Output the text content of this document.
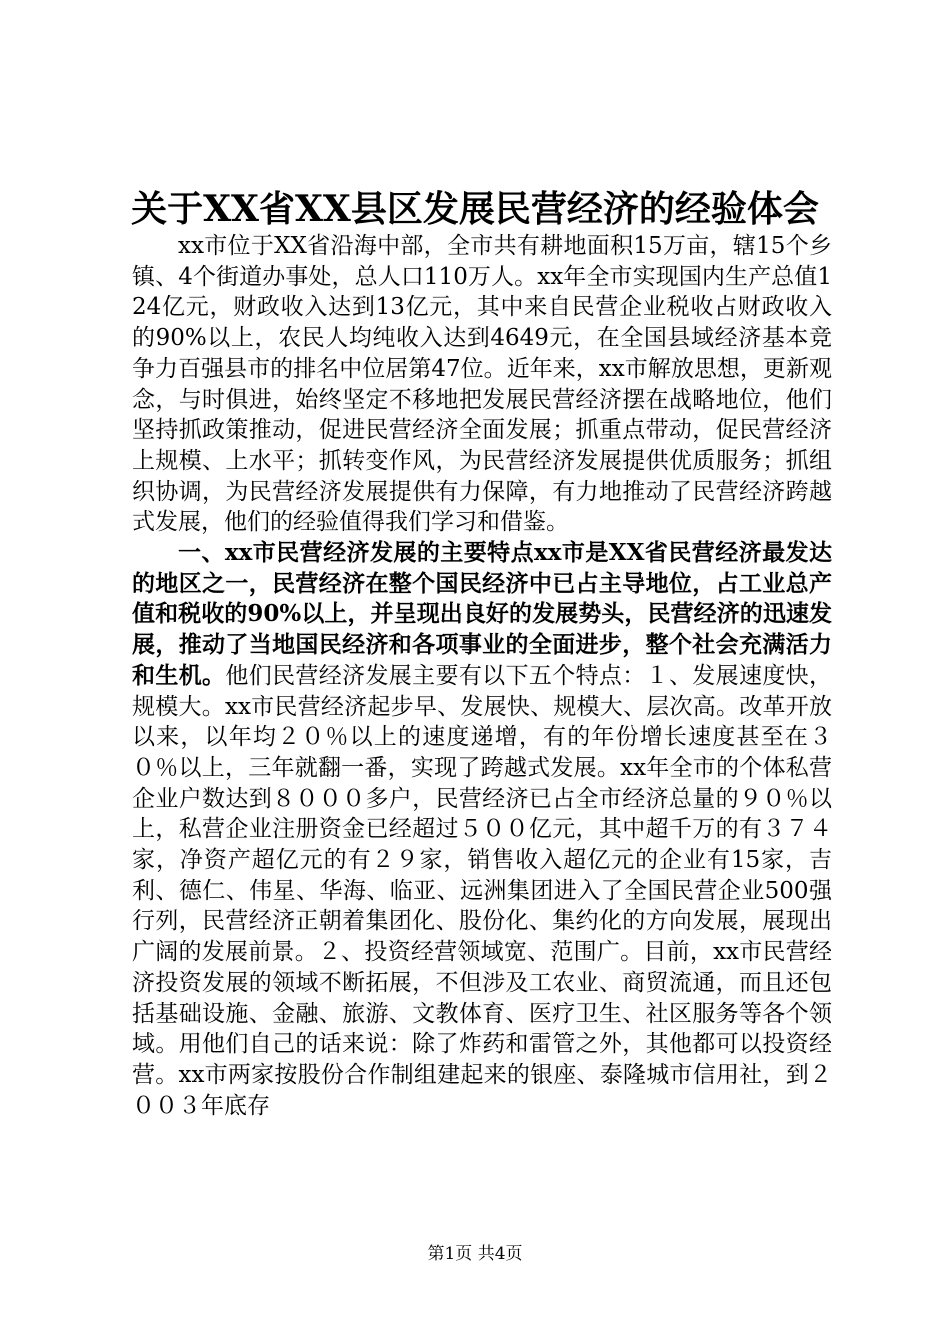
关于XX省XX县区发展民营经济的经验体会

xx市位于XX省沿海中部，全市共有耕地面积15万亩，辖15个乡镇、4个街道办事处，总人口110万人。xx年全市实现国内生产总值124亿元，财政收入达到13亿元，其中来自民营企业税收占财政收入的90%以上，农民人均纯收入达到4649元，在全国县域经济基本竞争力百强县市的排名中位居第47位。近年来，xx市解放思想，更新观念，与时俱进，始终坚定不移地把发展民营经济摆在战略地位，他们坚持抓政策推动，促进民营经济全面发展；抓重点带动，促民营经济上规模、上水平；抓转变作风，为民营经济发展提供优质服务；抓组织协调，为民营经济发展提供有力保障，有力地推动了民营经济跨越式发展，他们的经验值得我们学习和借鉴。

一、xx市民营经济发展的主要特点xx市是XX省民营经济最发达的地区之一，民营经济在整个国民经济中已占主导地位，占工业总产值和税收的90%以上，并呈现出良好的发展势头，民营经济的迅速发展，推动了当地国民经济和各项事业的全面进步，整个社会充满活力和生机。他们民营经济发展主要有以下五个特点：１、发展速度快，规模大。xx市民营经济起步早、发展快、规模大、层次高。改革开放以来，以年均２０％以上的速度递增，有的年份增长速度甚至在３０％以上，三年就翻一番，实现了跨越式发展。xx年全市的个体私营企业户数达到８０００多户，民营经济已占全市经济总量的９０％以上，私营企业注册资金已经超过５００亿元，其中超千万的有３７４家，净资产超亿元的有２９家，销售收入超亿元的企业有15家，吉利、德仁、伟星、华海、临亚、远洲集团进入了全国民营企业500强行列，民营经济正朝着集团化、股份化、集约化的方向发展，展现出广阔的发展前景。２、投资经营领域宽、范围广。目前，xx市民营经济投资发展的领域不断拓展，不但涉及工农业、商贸流通，而且还包括基础设施、金融、旅游、文教体育、医疗卫生、社区服务等各个领域。用他们自己的话来说：除了炸药和雷管之外，其他都可以投资经营。xx市两家按股份合作制组建起来的银座、泰隆城市信用社，到２００３年底存

第1页 共4页
